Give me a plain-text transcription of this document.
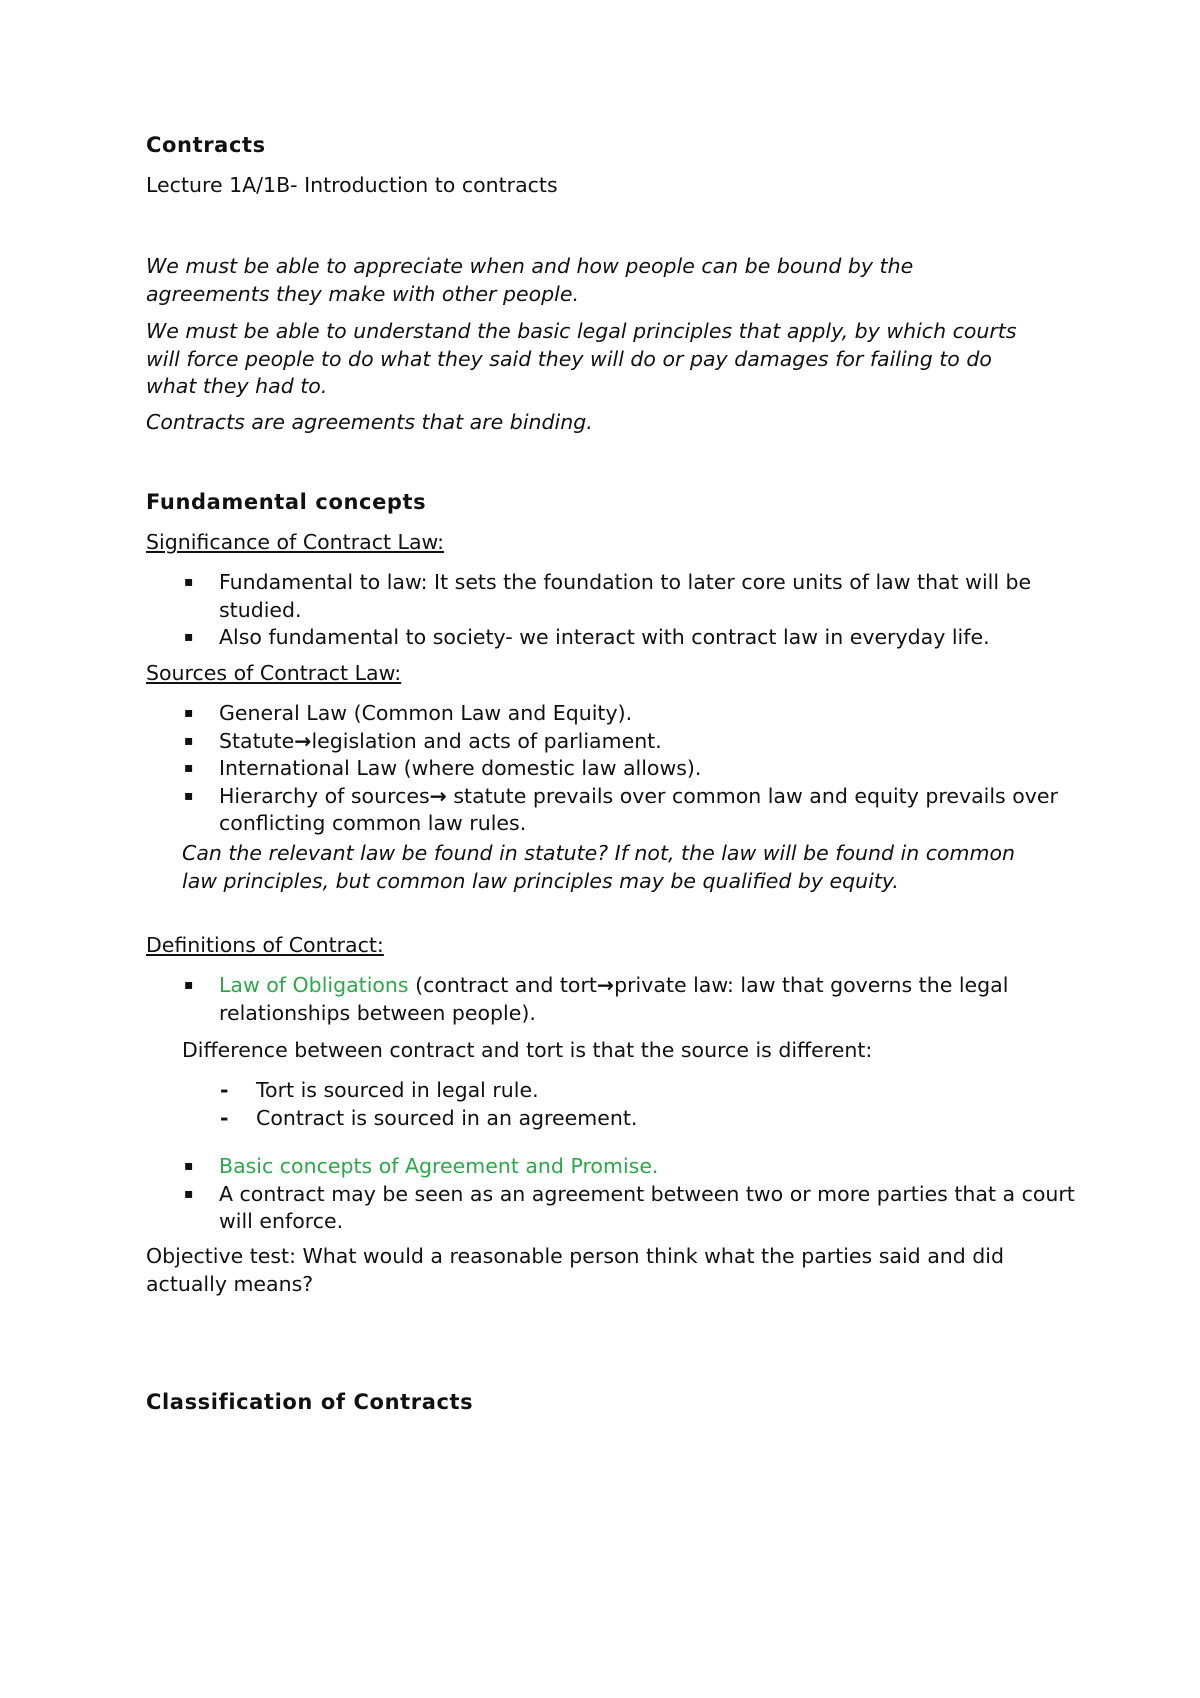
Contracts
Lecture 1A/1B- Introduction to contracts
We must be able to appreciate when and how people can be bound by the agreements they make with other people.
We must be able to understand the basic legal principles that apply, by which courts will force people to do what they said they will do or pay damages for failing to do what they had to.
Contracts are agreements that are binding.
Fundamental concepts
Significance of Contract Law:
▪ Fundamental to law: It sets the foundation to later core units of law that will be studied.
▪ Also fundamental to society- we interact with contract law in everyday life.
Sources of Contract Law:
▪ General Law (Common Law and Equity).
▪ Statute→legislation and acts of parliament.
▪ International Law (where domestic law allows).
▪ Hierarchy of sources→ statute prevails over common law and equity prevails over conflicting common law rules.
Can the relevant law be found in statute? If not, the law will be found in common law principles, but common law principles may be qualified by equity.
Definitions of Contract:
▪ Law of Obligations (contract and tort→private law: law that governs the legal relationships between people).
Difference between contract and tort is that the source is different:
- Tort is sourced in legal rule.
- Contract is sourced in an agreement.
▪ Basic concepts of Agreement and Promise.
▪ A contract may be seen as an agreement between two or more parties that a court will enforce.
Objective test: What would a reasonable person think what the parties said and did actually means?
Classification of Contracts
